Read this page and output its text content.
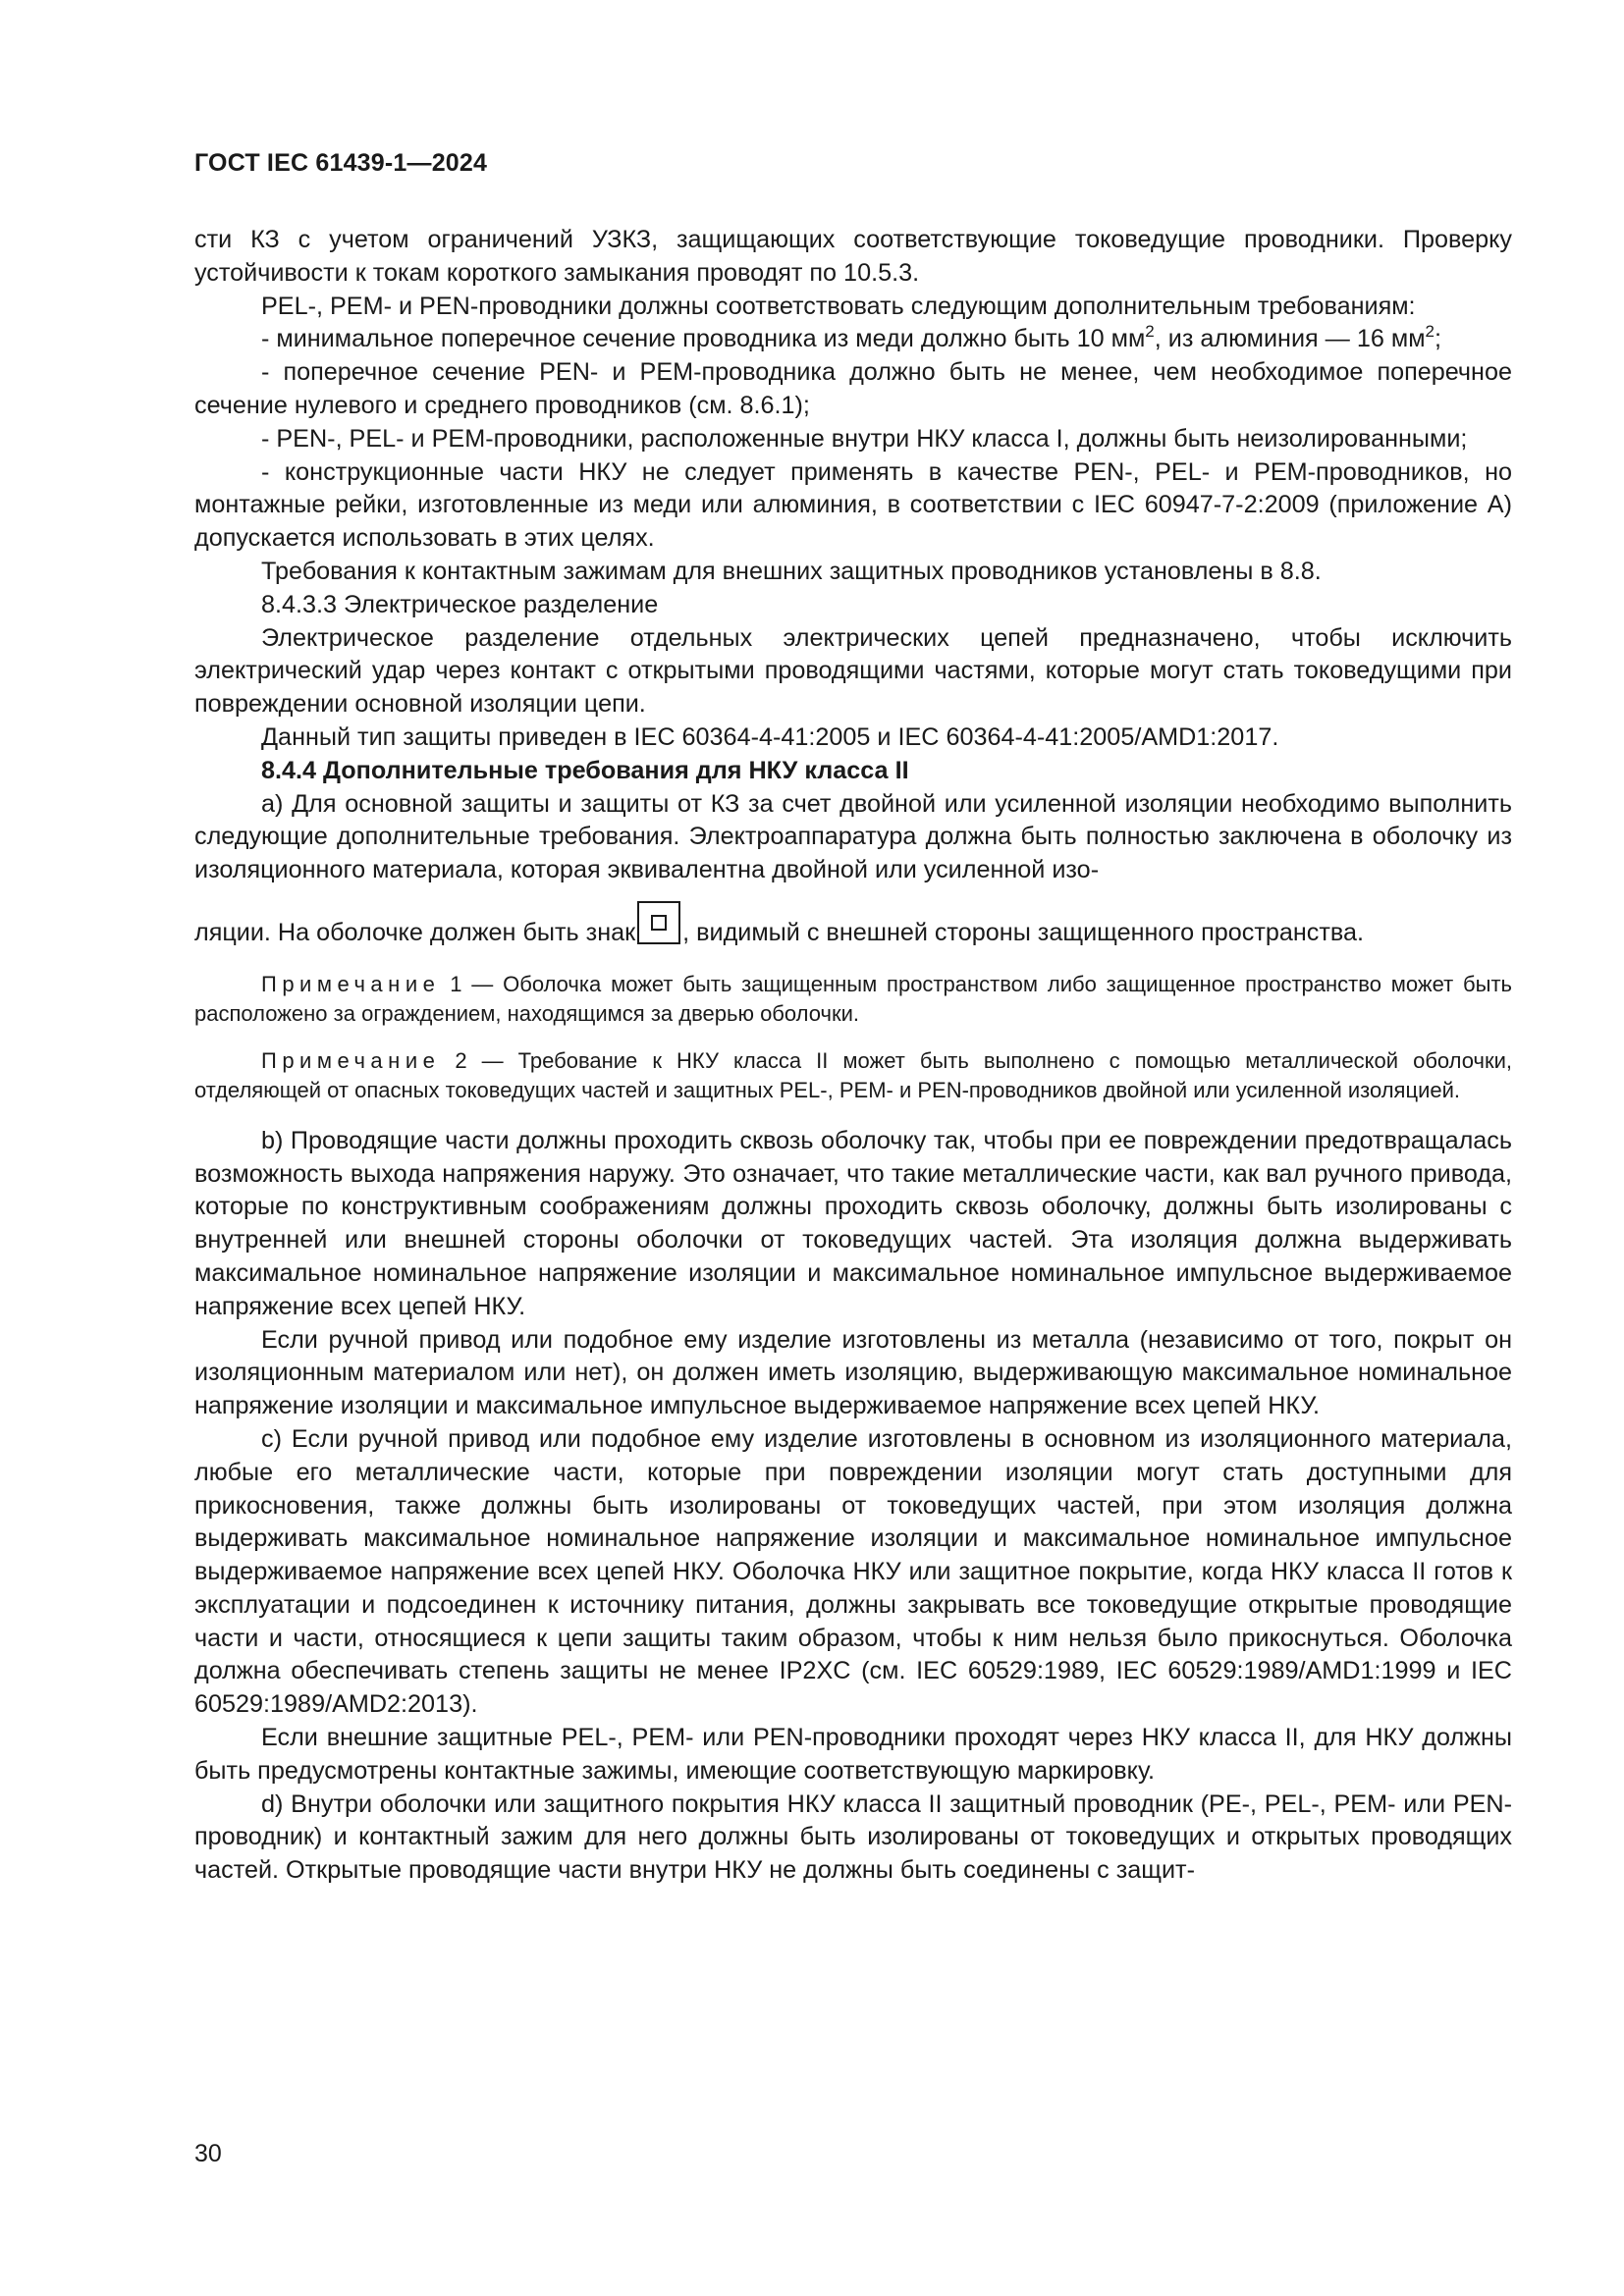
ГОСТ IEC 61439-1—2024

сти КЗ с учетом ограничений УЗКЗ, защищающих соответствующие токоведущие проводники. Проверку устойчивости к токам короткого замыкания проводят по 10.5.3.

PEL-, PEM- и PEN-проводники должны соответствовать следующим дополнительным требованиям:

- минимальное поперечное сечение проводника из меди должно быть 10 $мм^2$, из алюминия — 16 $мм^2$;

- поперечное сечение PEN- и PEM-проводника должно быть не менее, чем необходимое поперечное сечение нулевого и среднего проводников (см. 8.6.1);

- PEN-, PEL- и PEM-проводники, расположенные внутри НКУ класса I, должны быть неизолированными;

- конструкционные части НКУ не следует применять в качестве PEN-, PEL- и PEM-проводников, но монтажные рейки, изготовленные из меди или алюминия, в соответствии с IEC 60947-7-2:2009 (приложение А) допускается использовать в этих целях.

Требования к контактным зажимам для внешних защитных проводников установлены в 8.8.

8.4.3.3 Электрическое разделение

Электрическое разделение отдельных электрических цепей предназначено, чтобы исключить электрический удар через контакт с открытыми проводящими частями, которые могут стать токоведущими при повреждении основной изоляции цепи.

Данный тип защиты приведен в IEC 60364-4-41:2005 и IEC 60364-4-41:2005/AMD1:2017.

8.4.4 Дополнительные требования для НКУ класса II

а) Для основной защиты и защиты от КЗ за счет двойной или усиленной изоляции необходимо выполнить следующие дополнительные требования. Электроаппаратура должна быть полностью заключена в оболочку из изоляционного материала, которая эквивалентна двойной или усиленной изо-

ляции. На оболочке должен быть знак , видимый с внешней стороны защищенного пространства.

Примечание 1 — Оболочка может быть защищенным пространством либо защищенное пространство может быть расположено за ограждением, находящимся за дверью оболочки.

Примечание 2 — Требование к НКУ класса II может быть выполнено с помощью металлической оболочки, отделяющей от опасных токоведущих частей и защитных PEL-, PEM- и PEN-проводников двойной или усиленной изоляцией.

b) Проводящие части должны проходить сквозь оболочку так, чтобы при ее повреждении предотвращалась возможность выхода напряжения наружу. Это означает, что такие металлические части, как вал ручного привода, которые по конструктивным соображениям должны проходить сквозь оболочку, должны быть изолированы с внутренней или внешней стороны оболочки от токоведущих частей. Эта изоляция должна выдерживать максимальное номинальное напряжение изоляции и максимальное номинальное импульсное выдерживаемое напряжение всех цепей НКУ.

Если ручной привод или подобное ему изделие изготовлены из металла (независимо от того, покрыт он изоляционным материалом или нет), он должен иметь изоляцию, выдерживающую максимальное номинальное напряжение изоляции и максимальное импульсное выдерживаемое напряжение всех цепей НКУ.

c) Если ручной привод или подобное ему изделие изготовлены в основном из изоляционного материала, любые его металлические части, которые при повреждении изоляции могут стать доступными для прикосновения, также должны быть изолированы от токоведущих частей, при этом изоляция должна выдерживать максимальное номинальное напряжение изоляции и максимальное номинальное импульсное выдерживаемое напряжение всех цепей НКУ. Оболочка НКУ или защитное покрытие, когда НКУ класса II готов к эксплуатации и подсоединен к источнику питания, должны закрывать все токоведущие открытые проводящие части и части, относящиеся к цепи защиты таким образом, чтобы к ним нельзя было прикоснуться. Оболочка должна обеспечивать степень защиты не менее IP2XC (см. IEC 60529:1989, IEC 60529:1989/AMD1:1999 и IEC 60529:1989/AMD2:2013).

Если внешние защитные PEL-, PEM- или PEN-проводники проходят через НКУ класса II, для НКУ должны быть предусмотрены контактные зажимы, имеющие соответствующую маркировку.

d) Внутри оболочки или защитного покрытия НКУ класса II защитный проводник (PE-, PEL-, PEM- или PEN-проводник) и контактный зажим для него должны быть изолированы от токоведущих и открытых проводящих частей. Открытые проводящие части внутри НКУ не должны быть соединены с защит-

30
